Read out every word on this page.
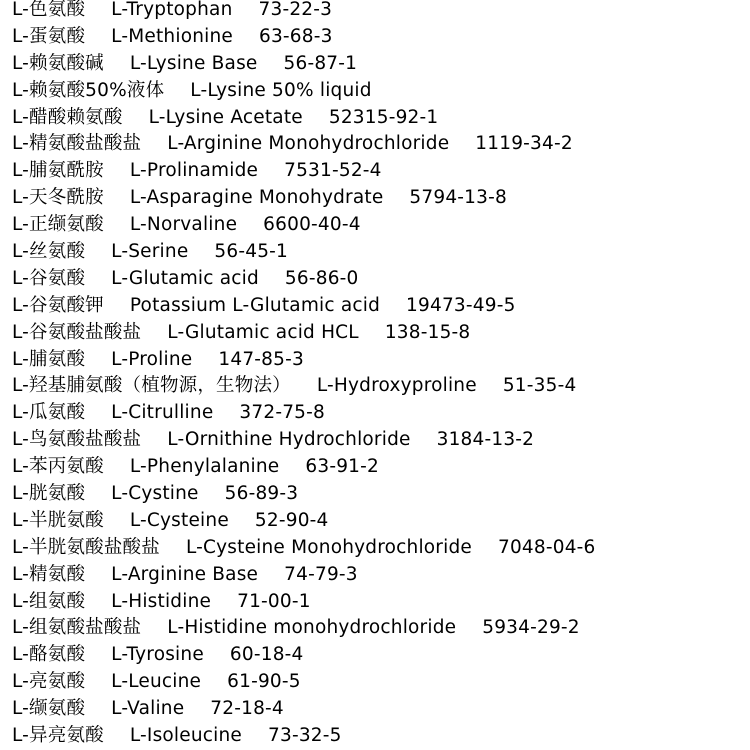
L-色氨酸 L-Tryptophan 73-22-3
L-蛋氨酸 L-Methionine 63-68-3
L-赖氨酸碱 L-Lysine Base 56-87-1
L-赖氨酸50%液体 L-Lysine 50% liquid
L-醋酸赖氨酸 L-Lysine Acetate 52315-92-1
L-精氨酸盐酸盐 L-Arginine Monohydrochloride 1119-34-2
L-脯氨酰胺 L-Prolinamide 7531-52-4
L-天冬酰胺 L-Asparagine Monohydrate 5794-13-8
L-正缬氨酸 L-Norvaline 6600-40-4
L-丝氨酸 L-Serine 56-45-1
L-谷氨酸 L-Glutamic acid 56-86-0
L-谷氨酸钾 Potassium L-Glutamic acid 19473-49-5
L-谷氨酸盐酸盐 L-Glutamic acid HCL 138-15-8
L-脯氨酸 L-Proline 147-85-3
L-羟基脯氨酸（植物源，生物法） L-Hydroxyproline 51-35-4
L-瓜氨酸 L-Citrulline 372-75-8
L-鸟氨酸盐酸盐 L-Ornithine Hydrochloride 3184-13-2
L-苯丙氨酸 L-Phenylalanine 63-91-2
L-胱氨酸 L-Cystine 56-89-3
L-半胱氨酸 L-Cysteine 52-90-4
L-半胱氨酸盐酸盐 L-Cysteine Monohydrochloride 7048-04-6
L-精氨酸 L-Arginine Base 74-79-3
L-组氨酸 L-Histidine 71-00-1
L-组氨酸盐酸盐 L-Histidine monohydrochloride 5934-29-2
L-酪氨酸 L-Tyrosine 60-18-4
L-亮氨酸 L-Leucine 61-90-5
L-缬氨酸 L-Valine 72-18-4
L-异亮氨酸 L-Isoleucine 73-32-5
